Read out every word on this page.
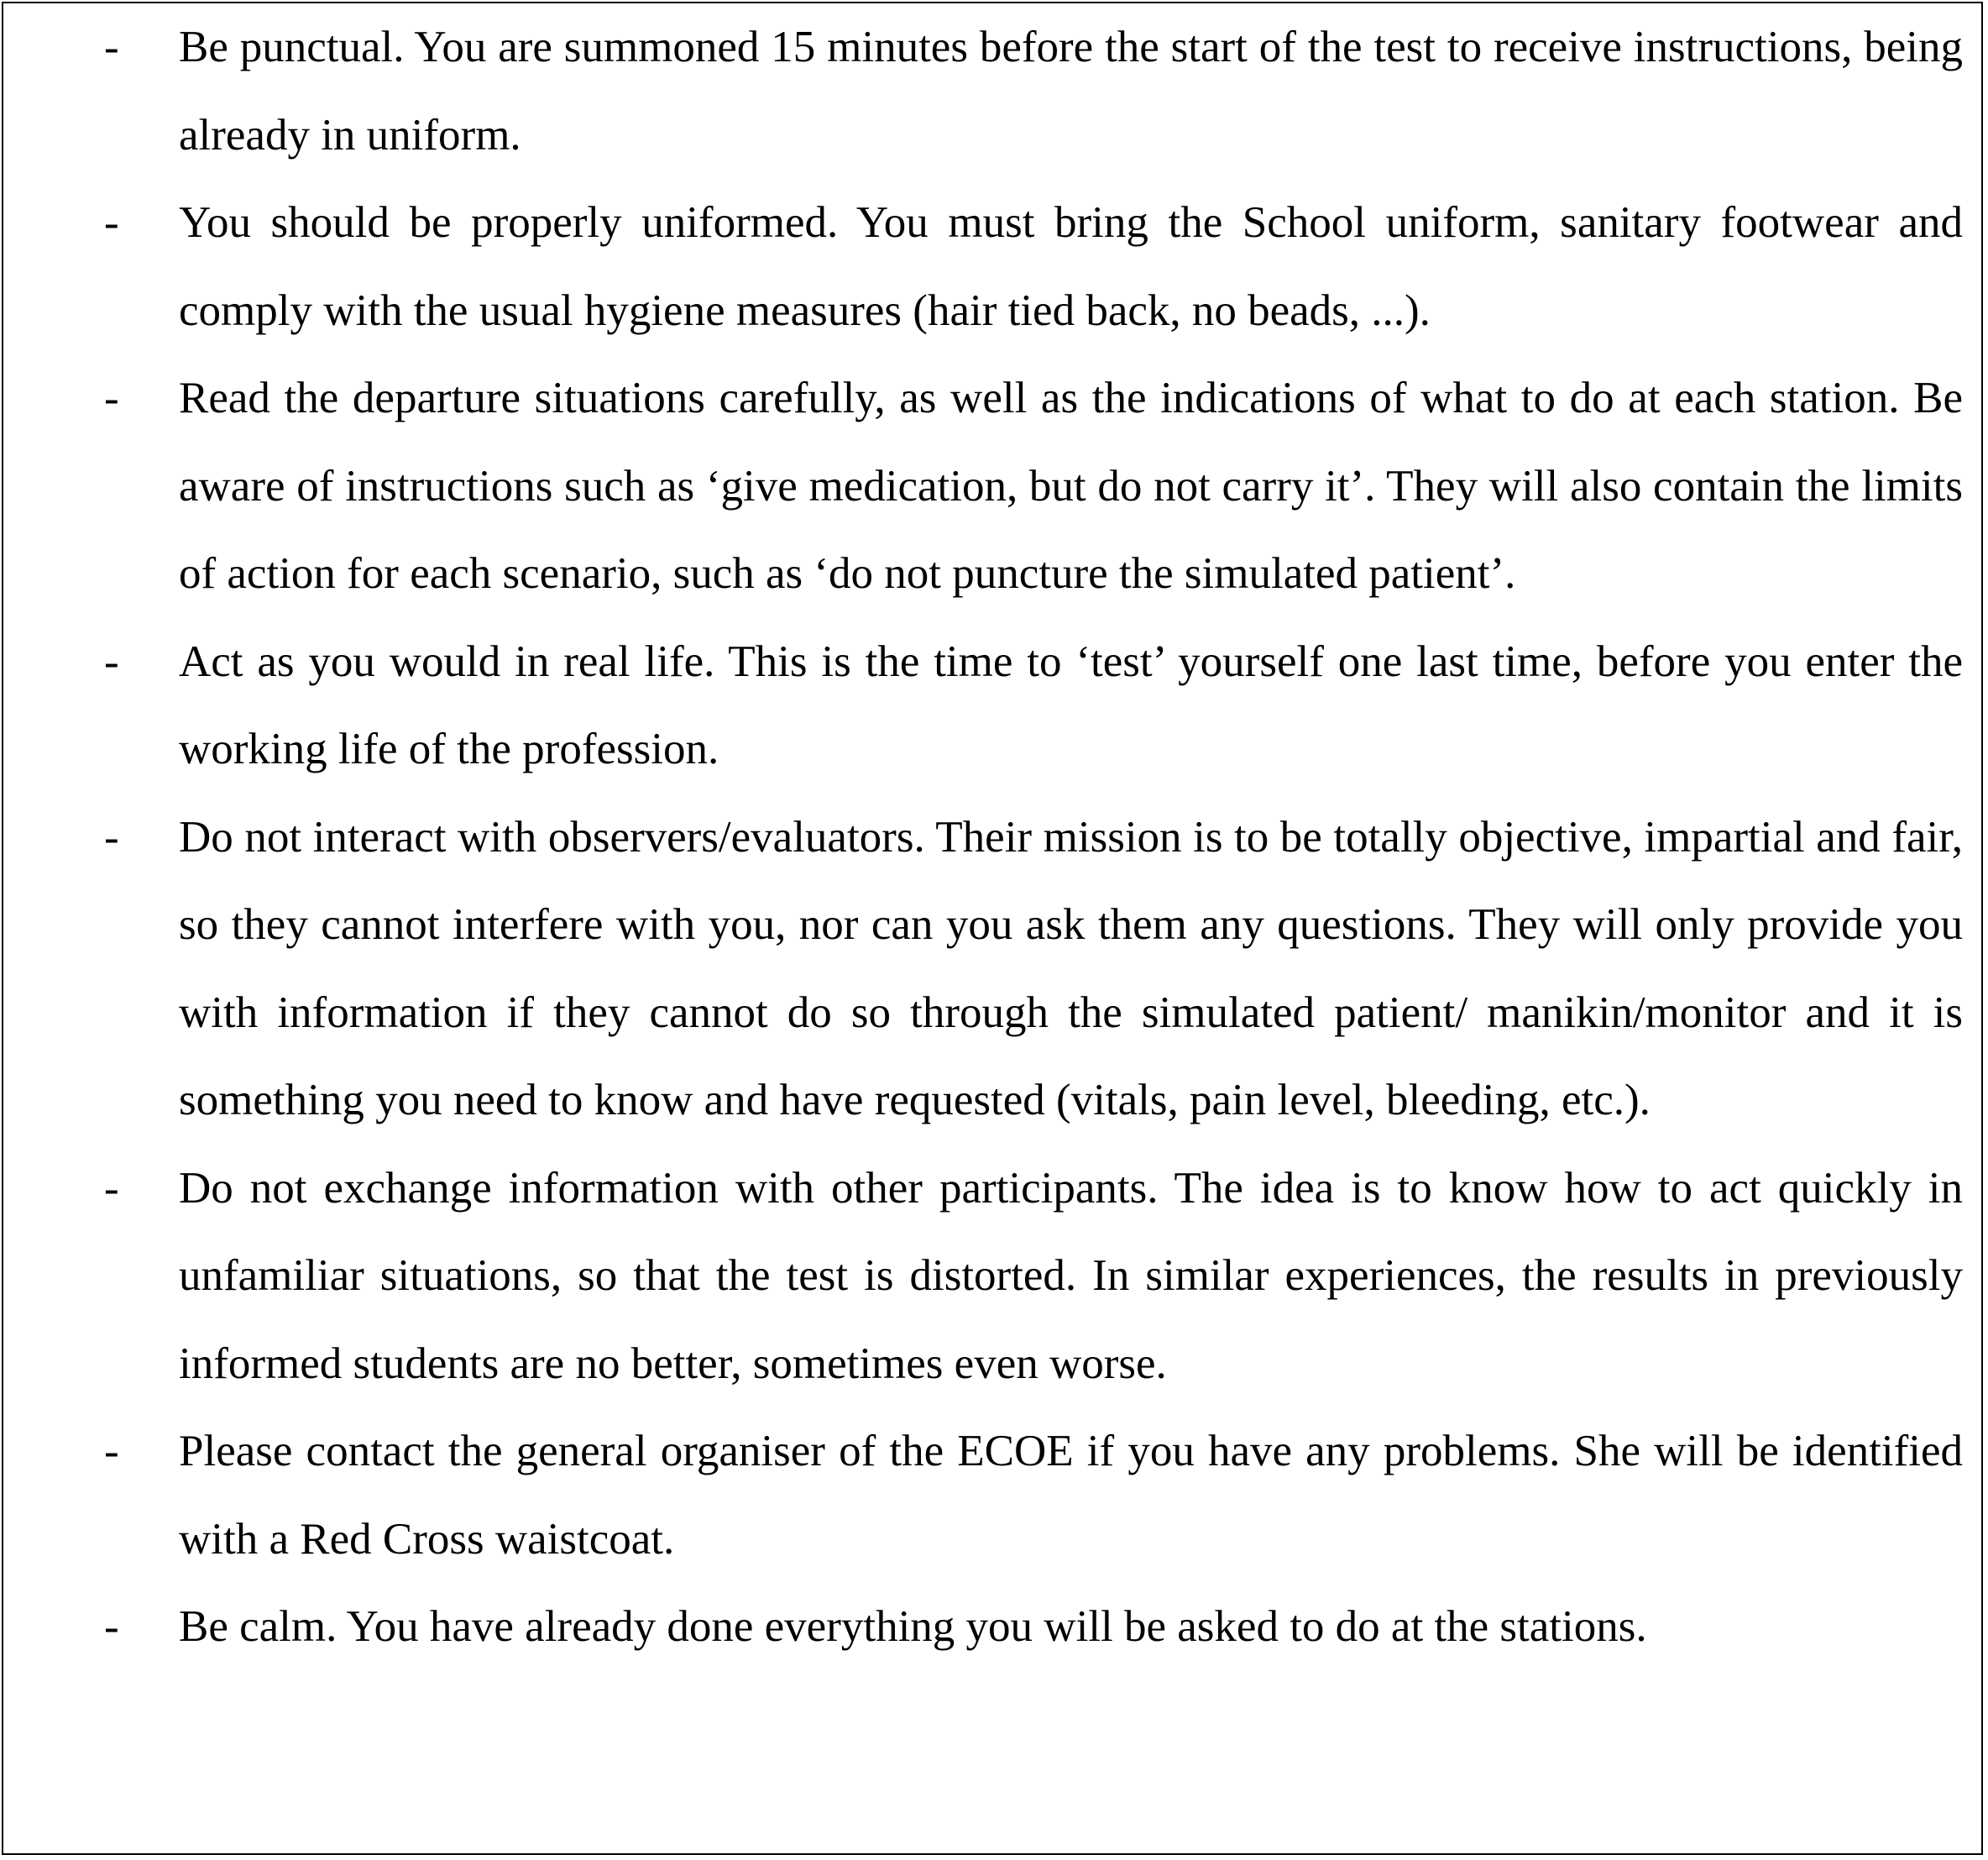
- Be punctual. You are summoned 15 minutes before the start of the test to receive instructions, being already in uniform.
- You should be properly uniformed. You must bring the School uniform, sanitary footwear and comply with the usual hygiene measures (hair tied back, no beads, ...).
- Read the departure situations carefully, as well as the indications of what to do at each station. Be aware of instructions such as ‘give medication, but do not carry it’. They will also contain the limits of action for each scenario, such as ‘do not puncture the simulated patient’.
- Act as you would in real life. This is the time to ‘test’ yourself one last time, before you enter the working life of the profession.
- Do not interact with observers/evaluators. Their mission is to be totally objective, impartial and fair, so they cannot interfere with you, nor can you ask them any questions. They will only provide you with information if they cannot do so through the simulated patient/ manikin/monitor and it is something you need to know and have requested (vitals, pain level, bleeding, etc.).
- Do not exchange information with other participants. The idea is to know how to act quickly in unfamiliar situations, so that the test is distorted. In similar experiences, the results in previously informed students are no better, sometimes even worse.
- Please contact the general organiser of the ECOE if you have any problems. She will be identified with a Red Cross waistcoat.
- Be calm. You have already done everything you will be asked to do at the stations.
